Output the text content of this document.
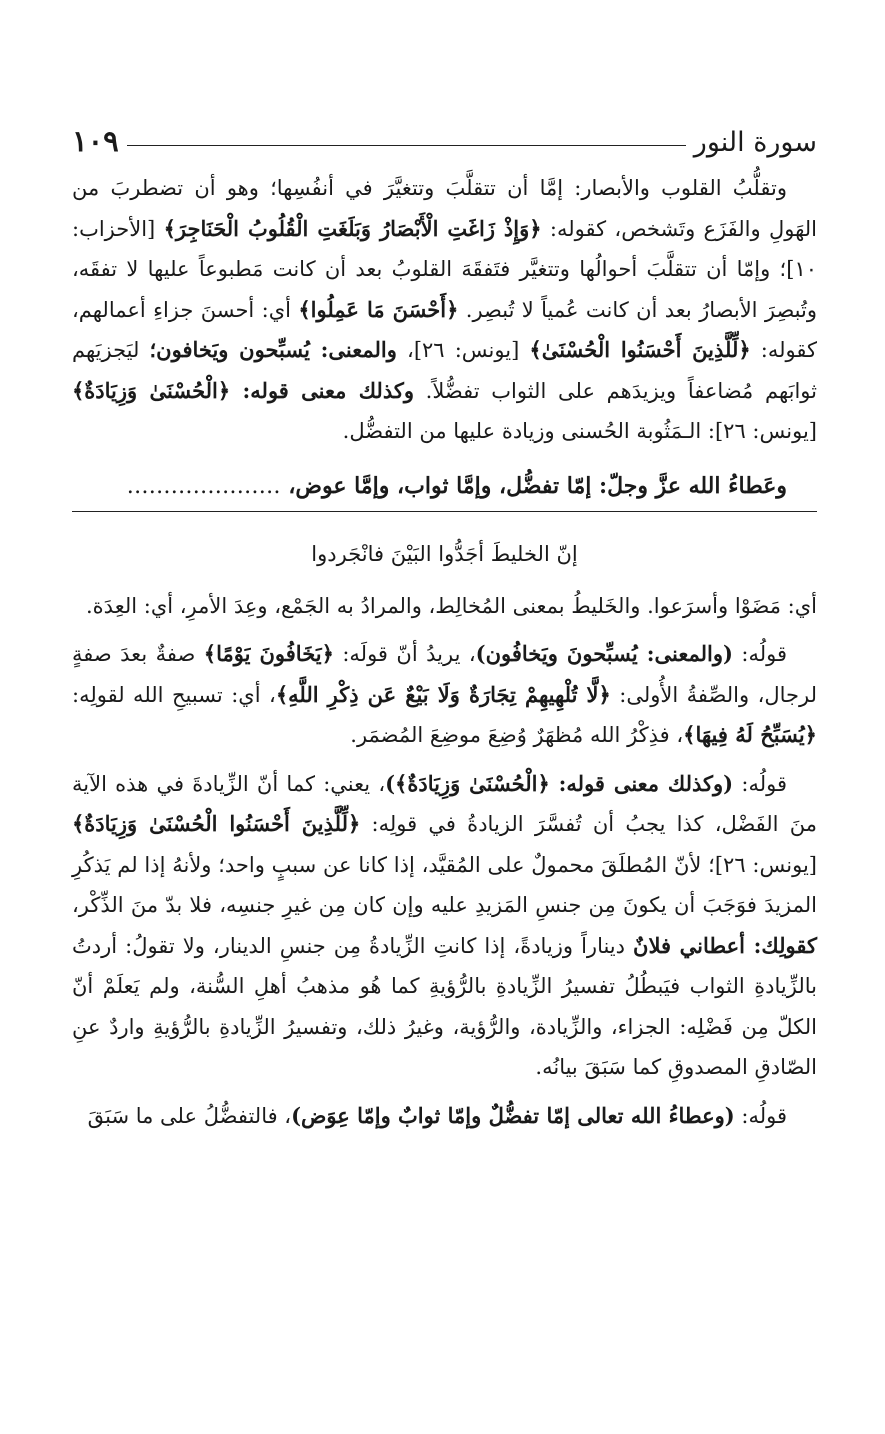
سورة النور
١٠٩

وتقلُّبُ القلوب والأبصار: إمَّا أن تتقلَّبَ وتتغيَّرَ في أنفُسِها؛ وهو أن تضطربَ من الهَولِ والفَزَع وتَشخص، كقوله: ﴿وَإِذْ زَاغَتِ الْأَبْصَارُ وَبَلَغَتِ الْقُلُوبُ الْحَنَاجِرَ﴾ [الأحزاب: ١٠]؛ وإمّا أن تتقلَّبَ أحوالُها وتتغيَّر فتَفقَهَ القلوبُ بعد أن كانت مَطبوعاً عليها لا تفقَه، وتُبصِرَ الأبصارُ بعد أن كانت عُمياً لا تُبصِر. ﴿أَحْسَنَ مَا عَمِلُوا﴾ أي: أحسنَ جزاءِ أعمالهم، كقوله: ﴿لِّلَّذِينَ أَحْسَنُوا الْحُسْنَىٰ﴾ [يونس: ٢٦]، والمعنى: يُسبِّحون ويَخافون؛ ليَجزيَهم ثوابَهم مُضاعفاً ويزيدَهم على الثواب تفضُّلاً. وكذلك معنى قوله: ﴿الْحُسْنَىٰ وَزِيَادَةٌ﴾ [يونس: ٢٦]: الـمَثُوبة الحُسنى وزيادة عليها من التفضُّل.

وعَطاءُ الله عزَّ وجلّ: إمّا تفضُّل، وإمَّا ثواب، وإمَّا عوض، …………………
إنّ الخليطَ أجَدُّوا البَيْنَ فانْجَردوا

أي: مَضَوْا وأسرَعوا. والخَليطُ بمعنى المُخالِط، والمرادُ به الجَمْع، وعِدَ الأمرِ، أي: العِدَة.

قولُه: (والمعنى: يُسبِّحونَ ويَخافُون)، يريدُ أنّ قولَه: ﴿يَخَافُونَ يَوْمًا﴾ صفةٌ بعدَ صفةٍ لرجال، والصِّفةُ الأُولى: ﴿لَّا تُلْهِيهِمْ تِجَارَةٌ وَلَا بَيْعٌ عَن ذِكْرِ اللَّهِ﴾، أي: تسبيحِ الله لقولِه: ﴿يُسَبِّحُ لَهُ فِيهَا﴾، فذِكْرُ الله مُظهَرٌ وُضِعَ موضِعَ المُضمَر.

قولُه: (وكذلك معنى قوله: ﴿الْحُسْنَىٰ وَزِيَادَةٌ﴾)، يعني: كما أنّ الزِّيادةَ في هذه الآية منَ الفَضْل، كذا يجبُ أن تُفسَّرَ الزيادةُ في قولِه: ﴿لِّلَّذِينَ أَحْسَنُوا الْحُسْنَىٰ وَزِيَادَةٌ﴾ [يونس: ٢٦]؛ لأنّ المُطلَقَ محمولٌ على المُقيَّد، إذا كانا عن سببٍ واحد؛ ولأنهُ إذا لم يَذكُرِ المزيدَ فوَجَبَ أن يكونَ مِن جنسِ المَزيدِ عليه وإن كان مِن غيرِ جنسِه، فلا بدّ منَ الذِّكْر، كقولِك: أعطاني فلانٌ ديناراً وزيادةً، إذا كانتِ الزِّيادةُ مِن جنسِ الدينار، ولا تقولُ: أردتُ بالزِّيادةِ الثواب فيَبطُلُ تفسيرُ الزِّيادةِ بالرُّؤيةِ كما هُو مذهبُ أهلِ السُّنة، ولم يَعلَمْ أنّ الكلّ مِن فَضْلِه: الجزاء، والزِّيادة، والرُّؤية، وغيرُ ذلك، وتفسيرُ الزِّيادةِ بالرُّؤيةِ واردٌ عنِ الصّادقِ المصدوقِ كما سَبَقَ بيانُه.

قولُه: (وعطاءُ الله تعالى إمّا تفضُّلٌ وإمّا ثوابٌ وإمّا عِوَض)، فالتفضُّلُ على ما سَبَقَ
